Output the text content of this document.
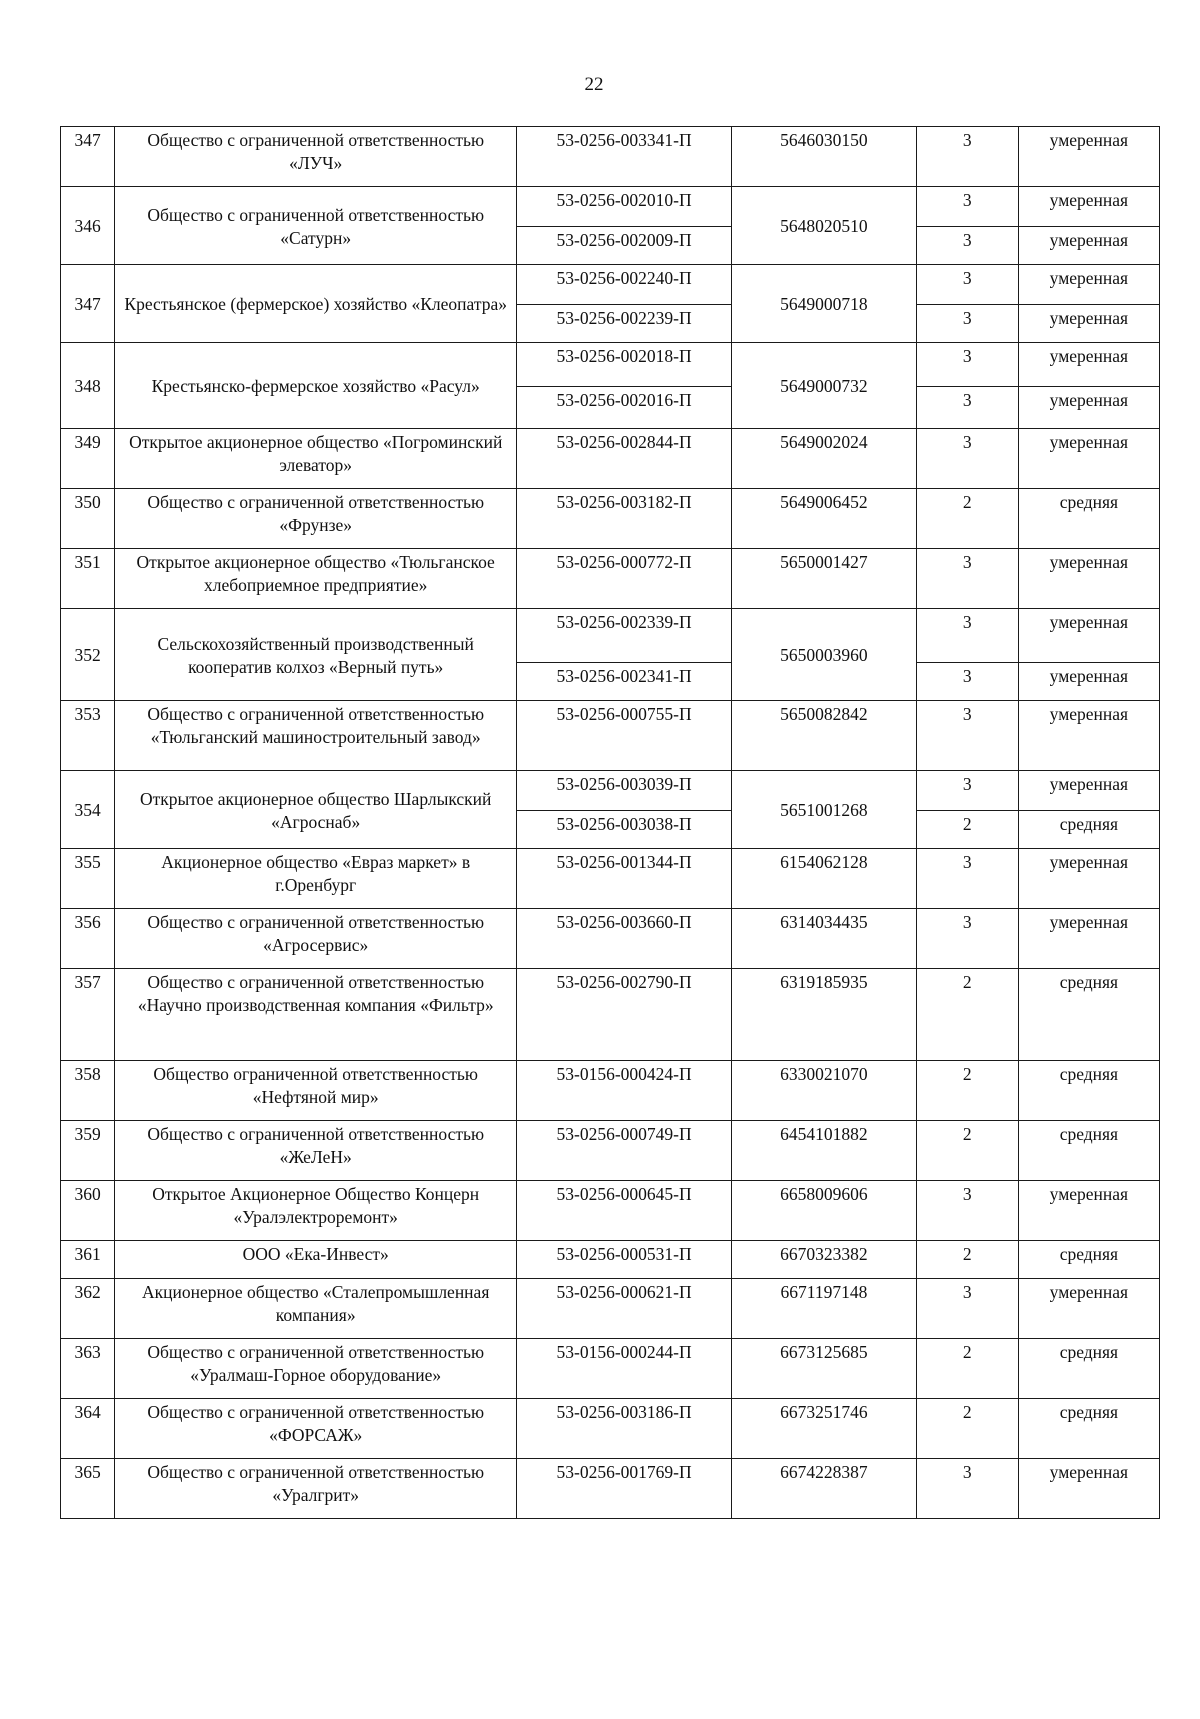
22
347	Общество с ограниченной ответственностью «ЛУЧ»	53-0256-003341-П	5646030150	3	умеренная
346	Общество с ограниченной ответственностью «Сатурн»	53-0256-002010-П	5648020510	3	умеренная
		53-0256-002009-П		3	умеренная
347	Крестьянское (фермерское) хозяйство «Клеопатра»	53-0256-002240-П	5649000718	3	умеренная
		53-0256-002239-П		3	умеренная
348	Крестьянско-фермерское хозяйство «Расул»	53-0256-002018-П	5649000732	3	умеренная
		53-0256-002016-П		3	умеренная
349	Открытое акционерное общество «Погроминский элеватор»	53-0256-002844-П	5649002024	3	умеренная
350	Общество с ограниченной ответственностью «Фрунзе»	53-0256-003182-П	5649006452	2	средняя
351	Открытое акционерное общество «Тюльганское хлебоприемное предприятие»	53-0256-000772-П	5650001427	3	умеренная
352	Сельскохозяйственный производственный кооператив колхоз «Верный путь»	53-0256-002339-П	5650003960	3	умеренная
		53-0256-002341-П		3	умеренная
353	Общество с ограниченной ответственностью «Тюльганский машиностроительный завод»	53-0256-000755-П	5650082842	3	умеренная
354	Открытое акционерное общество Шарлыкский «Агроснаб»	53-0256-003039-П	5651001268	3	умеренная
		53-0256-003038-П		2	средняя
355	Акционерное общество «Евраз маркет» в г.Оренбург	53-0256-001344-П	6154062128	3	умеренная
356	Общество с ограниченной ответственностью «Агросервис»	53-0256-003660-П	6314034435	3	умеренная
357	Общество с ограниченной ответственностью «Научно производственная компания «Фильтр»	53-0256-002790-П	6319185935	2	средняя
358	Общество ограниченной ответственностью «Нефтяной мир»	53-0156-000424-П	6330021070	2	средняя
359	Общество с ограниченной ответственностью «ЖеЛеН»	53-0256-000749-П	6454101882	2	средняя
360	Открытое Акционерное Общество Концерн «Уралэлектроремонт»	53-0256-000645-П	6658009606	3	умеренная
361	ООО «Ека-Инвест»	53-0256-000531-П	6670323382	2	средняя
362	Акционерное общество «Сталепромышленная компания»	53-0256-000621-П	6671197148	3	умеренная
363	Общество с ограниченной ответственностью «Уралмаш-Горное оборудование»	53-0156-000244-П	6673125685	2	средняя
364	Общество с ограниченной ответственностью «ФОРСАЖ»	53-0256-003186-П	6673251746	2	средняя
365	Общество с ограниченной ответственностью «Уралгрит»	53-0256-001769-П	6674228387	3	умеренная
